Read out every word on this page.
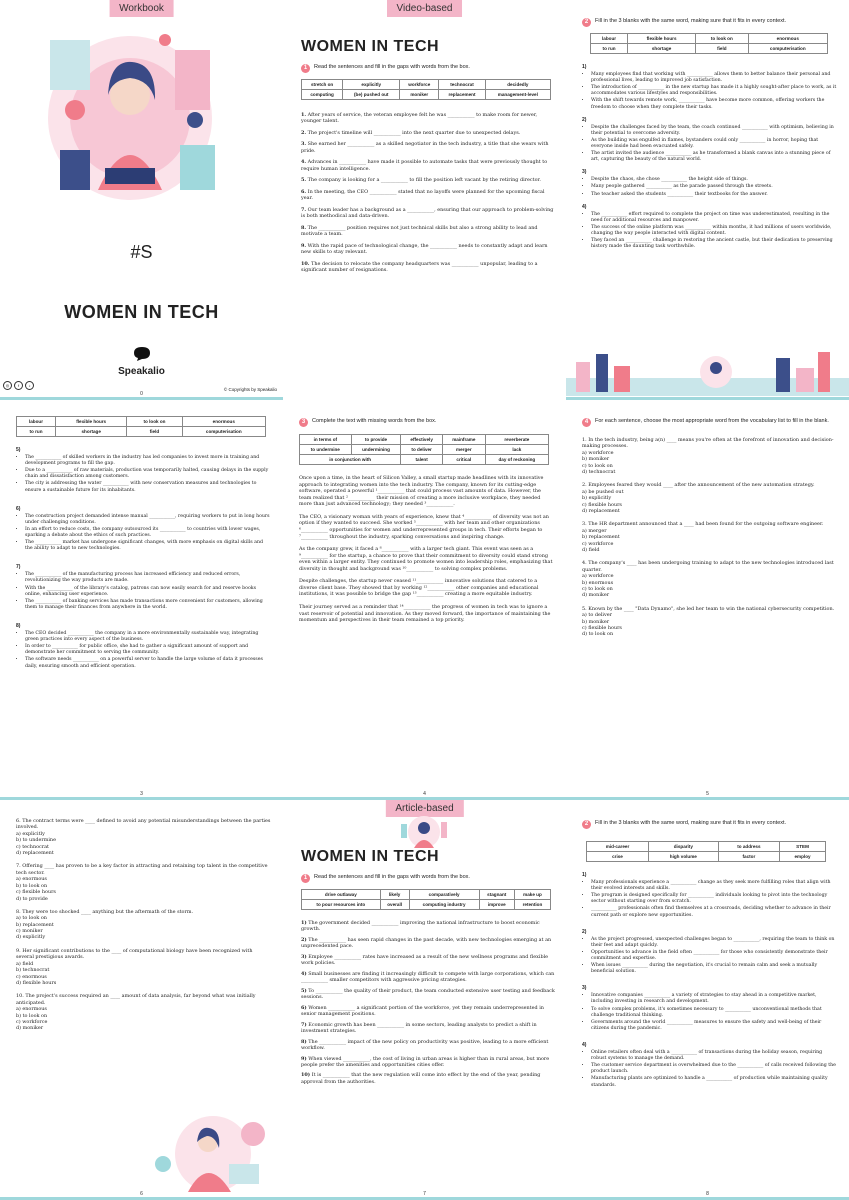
Workbook
#S
WOMEN IN TECH
Speakalio
◎	f	♪
© Copyrights by Speakalio
0
Video-based
WOMEN IN TECH
1	Read the sentences and fill in the gaps with words from the box.
stretch on	explicitly	workforce	technocrat	decidedly
computing	(be) pushed out	moniker	replacement	management-level

1. After years of service, the veteran employee felt he was ___________ to make room for newer, younger talent.

2. The project's timeline will ___________ into the next quarter due to unexpected delays.

3. She earned her ___________ as a skilled negotiator in the tech industry, a title that she wears with pride.

4. Advances in ___________ have made it possible to automate tasks that were previously thought to require human intelligence.

5. The company is looking for a ___________ to fill the position left vacant by the retiring director.

6. In the meeting, the CEO ___________ stated that no layoffs were planned for the upcoming fiscal year.

7. Our team leader has a background as a ___________, ensuring that our approach to problem-solving is both methodical and data-driven.

8. The ___________ position requires not just technical skills but also a strong ability to lead and motivate a team.

9. With the rapid pace of technological change, the ___________ needs to constantly adapt and learn new skills to stay relevant.

10. The decision to relocate the company headquarters was ___________ unpopular, leading to a significant number of resignations.

2	Fill in the 3 blanks with the same word, making sure that it fits in every context.
labour	flexible hours	to look on	enormous
to run	shortage	field	computerisation
1)
• Many employees find that working with ___________ allows them to better balance their personal and professional lives, leading to improved job satisfaction.
• The introduction of ___________ in the new startup has made it a highly sought-after place to work, as it accommodates various lifestyles and responsibilities.
• With the shift towards remote work, ___________ have become more common, offering workers the freedom to choose when they complete their tasks.
2)
• Despite the challenges faced by the team, the coach continued ___________ with optimism, believing in their potential to overcome adversity.
• As the building was engulfed in flames, bystanders could only ___________ in horror, hoping that everyone inside had been evacuated safely.
• The artist invited the audience ___________ as he transformed a blank canvas into a stunning piece of art, capturing the beauty of the natural world.
3)
• Despite the chaos, she chose ___________ the height side of things.
• Many people gathered ___________ as the parade passed through the streets.
• The teacher asked the students ___________ their textbooks for the answer.
4)
• The ___________ effort required to complete the project on time was underestimated, resulting in the need for additional resources and manpower.
• The success of the online platform was ___________ within months, it had millions of users worldwide, changing the way people interacted with digital content.
• They faced an ___________ challenge in restoring the ancient castle, but their dedication to preserving history made the daunting task worthwhile.
labour	flexible hours	to look on	enormous
to run	shortage	field	computerisation
5)
• The ___________ of skilled workers in the industry has led companies to invest more in training and development programs to fill the gap.
• Due to a ___________ of raw materials, production was temporarily halted, causing delays in the supply chain and dissatisfaction among customers.
• The city is addressing the water ___________ with new conservation measures and technologies to ensure a sustainable future for its inhabitants.
6)
• The construction project demanded intense manual ___________, requiring workers to put in long hours under challenging conditions.
• In an effort to reduce costs, the company outsourced its ___________ to countries with lower wages, sparking a debate about the ethics of such practices.
• The ___________ market has undergone significant changes, with more emphasis on digital skills and the ability to adapt to new technologies.
7)
• The ___________ of the manufacturing process has increased efficiency and reduced errors, revolutionizing the way products are made.
• With the ___________ of the library's catalog, patrons can now easily search for and reserve books online, enhancing user experience.
• The ___________ of banking services has made transactions more convenient for customers, allowing them to manage their finances from anywhere in the world.
8)
• The CEO decided ___________ the company in a more environmentally sustainable way, integrating green practices into every aspect of the business.
• In order to ___________ for public office, she had to gather a significant amount of support and demonstrate her commitment to serving the community.
• The software needs ___________ on a powerful server to handle the large volume of data it processes daily, ensuring smooth and efficient operation.
3
3	Complete the text with missing words from the box.
in terms of	to provide	effectively	mainframe	reverberate
to undermine	undermining	to deliver	merger	lack
in conjunction with		talent	critical	day of reckoning

Once upon a time, in the heart of Silicon Valley, a small startup made headlines with its innovative approach to integrating women into the tech industry. The company, known for its cutting-edge software, operated a powerful ¹___________ that could process vast amounts of data. However, the team realized that ²___________ their mission of creating a more inclusive workplace, they needed more than just advanced technology; they needed ³___________.

The CEO, a visionary woman with years of experience, knew that ⁴___________ of diversity was not an option if they wanted to succeed. She worked ⁵___________ with her team and other organizations ⁶___________ opportunities for women and underrepresented groups in tech. Their efforts began to ⁷___________ throughout the industry, sparking conversations and inspiring change.

As the company grew, it faced a ⁸___________ with a larger tech giant. This event was seen as a ⁹___________ for the startup, a chance to prove that their commitment to diversity could stand strong even within a larger entity. They continued to promote women into leadership roles, emphasizing that diversity in thought and background was ¹⁰___________ to solving complex problems.

Despite challenges, the startup never ceased ¹¹___________ innovative solutions that catered to a diverse client base. They showed that by working ¹²___________ other companies and educational institutions, it was possible to bridge the gap ¹³___________ creating a more equitable industry.

Their journey served as a reminder that ¹⁴___________ the progress of women in tech was to ignore a vast reservoir of potential and innovation. As they moved forward, the importance of maintaining the momentum and perspectives in their team remained a top priority.

4
4	For each sentence, choose the most appropriate word from the vocabulary list to fill in the blank.
1. In the tech industry, being a(n) ____ means you're often at the forefront of innovation and decision-making processes.
a) workforce
b) moniker
c) to look on
d) technocrat
2. Employees feared they would ____ after the announcement of the new automation strategy.
a) be pushed out
b) explicitly
c) flexible hours
d) replacement
3. The HR department announced that a ____ had been found for the outgoing software engineer.
a) merger
b) replacement
c) workforce
d) field
4. The company's ____ has been undergoing training to adapt to the new technologies introduced last quarter.
a) workforce
b) enormous
c) to look on
d) moniker
5. Known by the ____ "Data Dynamo", she led her team to win the national cybersecurity competition.
a) to deliver
b) moniker
c) flexible hours
d) to look on
5
6. The contract terms were ____ defined to avoid any potential misunderstandings between the parties involved.
a) explicitly
b) to undermine
c) technocrat
d) replacement
7. Offering ____ has proven to be a key factor in attracting and retaining top talent in the competitive tech sector.
a) enormous
b) to look on
c) flexible hours
d) to provide
8. They were too shocked ____ anything but the aftermath of the storm.
a) to look on
b) replacement
c) moniker
d) explicitly
9. Her significant contributions to the ____ of computational biology have been recognized with several prestigious awards.
a) field
b) technocrat
c) enormous
d) flexible hours
10. The project's success required an ____ amount of data analysis, far beyond what was initially anticipated.
a) enormous
b) to look on
c) workforce
d) moniker
6
Article-based
WOMEN IN TECH
1	Read the sentences and fill in the gaps with words from the box.
drive outlaway	likely	comparatively	stagnant	make up
to pour resources into	overall	computing industry	improve	retention

1) The government decided ___________ improving the national infrastructure to boost economic growth.

2) The ___________ has seen rapid changes in the past decade, with new technologies emerging at an unprecedented pace.

3) Employee ___________ rates have increased as a result of the new wellness programs and flexible work policies.

4) Small businesses are finding it increasingly difficult to compete with large corporations, which can ___________ smaller competitors with aggressive pricing strategies.

5) To ___________ the quality of their product, the team conducted extensive user testing and feedback sessions.

6) Women ___________ a significant portion of the workforce, yet they remain underrepresented in senior management positions.

7) Economic growth has been ___________ in some sectors, leading analysts to predict a shift in investment strategies.

8) The ___________ impact of the new policy on productivity was positive, leading to a more efficient workflow.

9) When viewed ___________, the cost of living in urban areas is higher than in rural areas, but more people prefer the amenities and opportunities cities offer.

10) It is ___________ that the new regulation will come into effect by the end of the year, pending approval from the authorities.

7
2	Fill in the 3 blanks with the same word, making sure that it fits in every context.
mid-career	disparity	to address	STEM
crise	high volume	factor	employ
1)
• Many professionals experience a ___________ change as they seek more fulfilling roles that align with their evolved interests and skills.
• The program is designed specifically for ___________ individuals looking to pivot into the technology sector without starting over from scratch.
• ___________ professionals often find themselves at a crossroads, deciding whether to advance in their current path or explore new opportunities.
2)
• As the project progressed, unexpected challenges began to ___________, requiring the team to think on their feet and adapt quickly.
• Opportunities to advance in the field often ___________ for those who consistently demonstrate their commitment and expertise.
• When issues ___________ during the negotiation, it's crucial to remain calm and seek a mutually beneficial solution.
3)
• Innovative companies ___________ a variety of strategies to stay ahead in a competitive market, including investing in research and development.
• To solve complex problems, it's sometimes necessary to ___________ unconventional methods that challenge traditional thinking.
• Governments around the world ___________ measures to ensure the safety and well-being of their citizens during the pandemic.
4)
• Online retailers often deal with a ___________ of transactions during the holiday season, requiring robust systems to manage the demand.
• The customer service department is overwhelmed due to the ___________ of calls received following the product launch.
• Manufacturing plants are optimized to handle a ___________ of production while maintaining quality standards.
8
